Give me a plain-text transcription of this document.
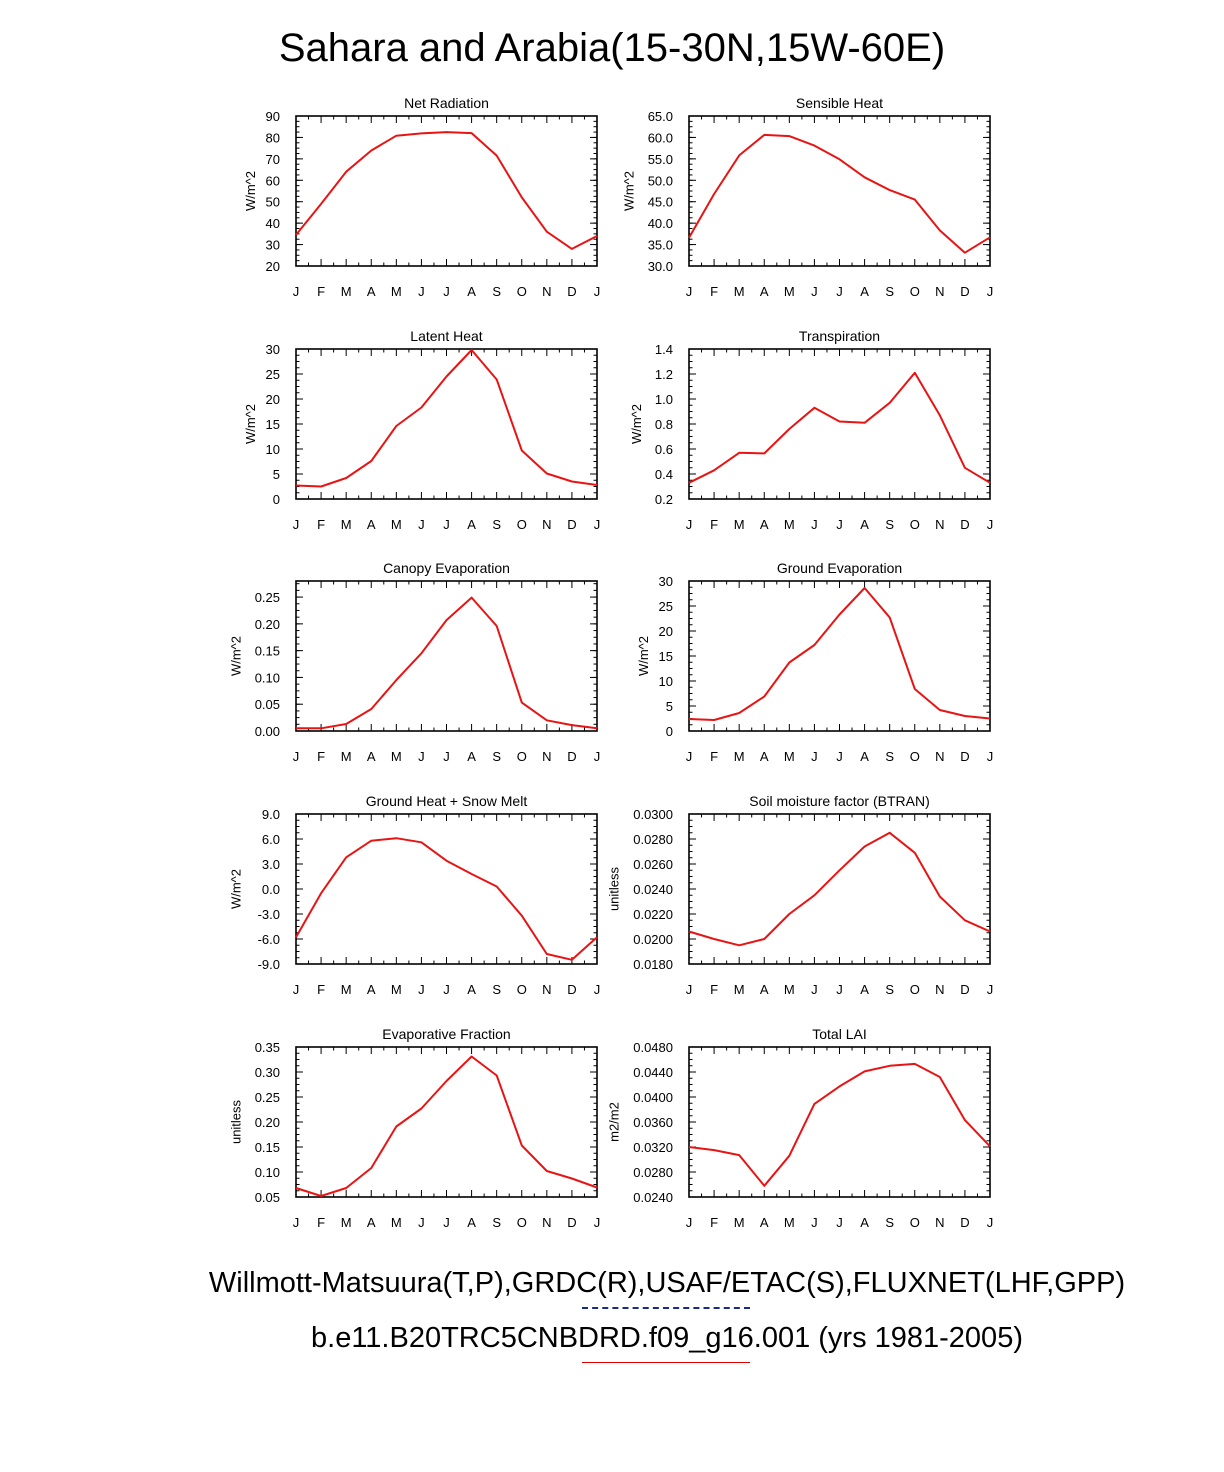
Sahara and Arabia(15-30N,15W-60E)
Net Radiation
J F M A M J J A S O N D J
20
30
40
50
60
70
80
90
W/m^2
Sensible Heat
J F M A M J J A S O N D J
30.0
35.0
40.0
45.0
50.0
55.0
60.0
65.0
W/m^2
Latent Heat
J F M A M J J A S O N D J
0
5
10
15
20
25
30
W/m^2
Transpiration
J F M A M J J A S O N D J
0.2
0.4
0.6
0.8
1.0
1.2
1.4
W/m^2
Canopy Evaporation
J F M A M J J A S O N D J
0.00
0.05
0.10
0.15
0.20
0.25
W/m^2
Ground Evaporation
J F M A M J J A S O N D J
0
5
10
15
20
25
30
W/m^2
Ground Heat + Snow Melt
J F M A M J J A S O N D J
-9.0
-6.0
-3.0
0.0
3.0
6.0
9.0
W/m^2
Soil moisture factor (BTRAN)
J F M A M J J A S O N D J
0.0180
0.0200
0.0220
0.0240
0.0260
0.0280
0.0300
unitless
Evaporative Fraction
J F M A M J J A S O N D J
0.05
0.10
0.15
0.20
0.25
0.30
0.35
unitless
Total LAI
J F M A M J J A S O N D J
0.0240
0.0280
0.0320
0.0360
0.0400
0.0440
0.0480
m2/m2
Willmott-Matsuura(T,P),GRDC(R),USAF/ETAC(S),FLUXNET(LHF,GPP)
b.e11.B20TRC5CNBDRD.f09_g16.001 (yrs 1981-2005)
